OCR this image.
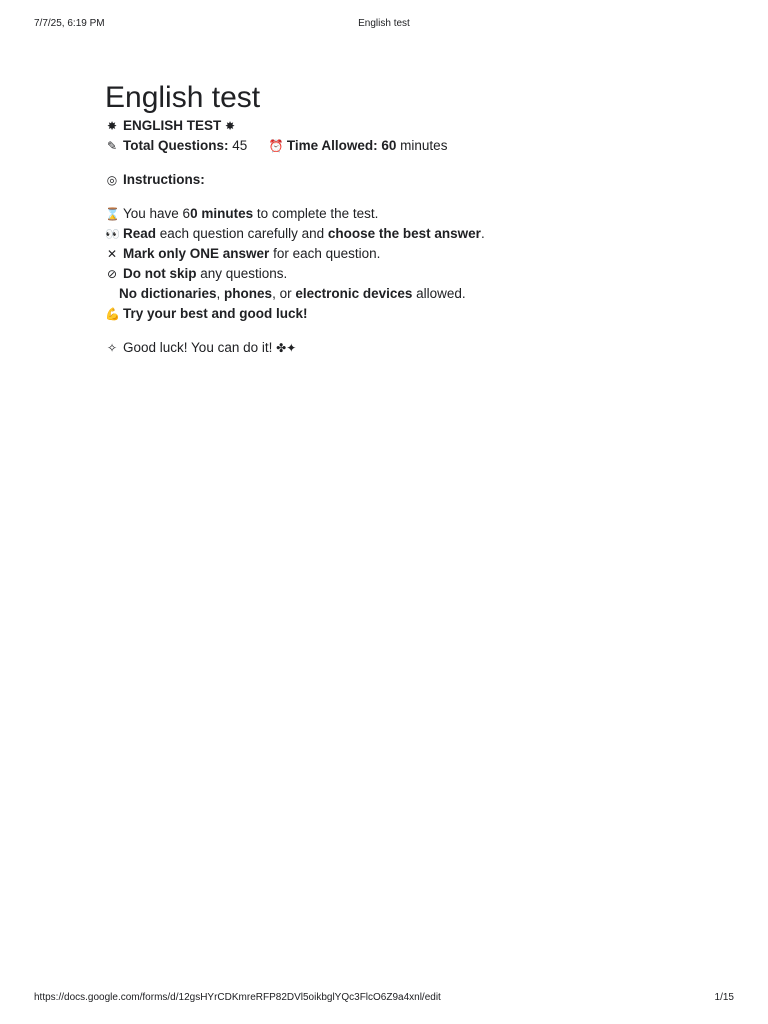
7/7/25, 6:19 PM	English test
English test
✸ ENGLISH TEST ✸
✎ Total Questions: 45 ⏰ Time Allowed: 60 minutes
◎ Instructions:
⌛ You have 60 minutes to complete the test.
👀 Read each question carefully and choose the best answer.
✕ Mark only ONE answer for each question.
⊘ Do not skip any questions.
No dictionaries, phones, or electronic devices allowed.
💪 Try your best and good luck!
✧ Good luck! You can do it! ✤✦
https://docs.google.com/forms/d/12gsHYrCDKmreRFP82DVl5oikbglYQc3FlcO6Z9a4xnl/edit	1/15
